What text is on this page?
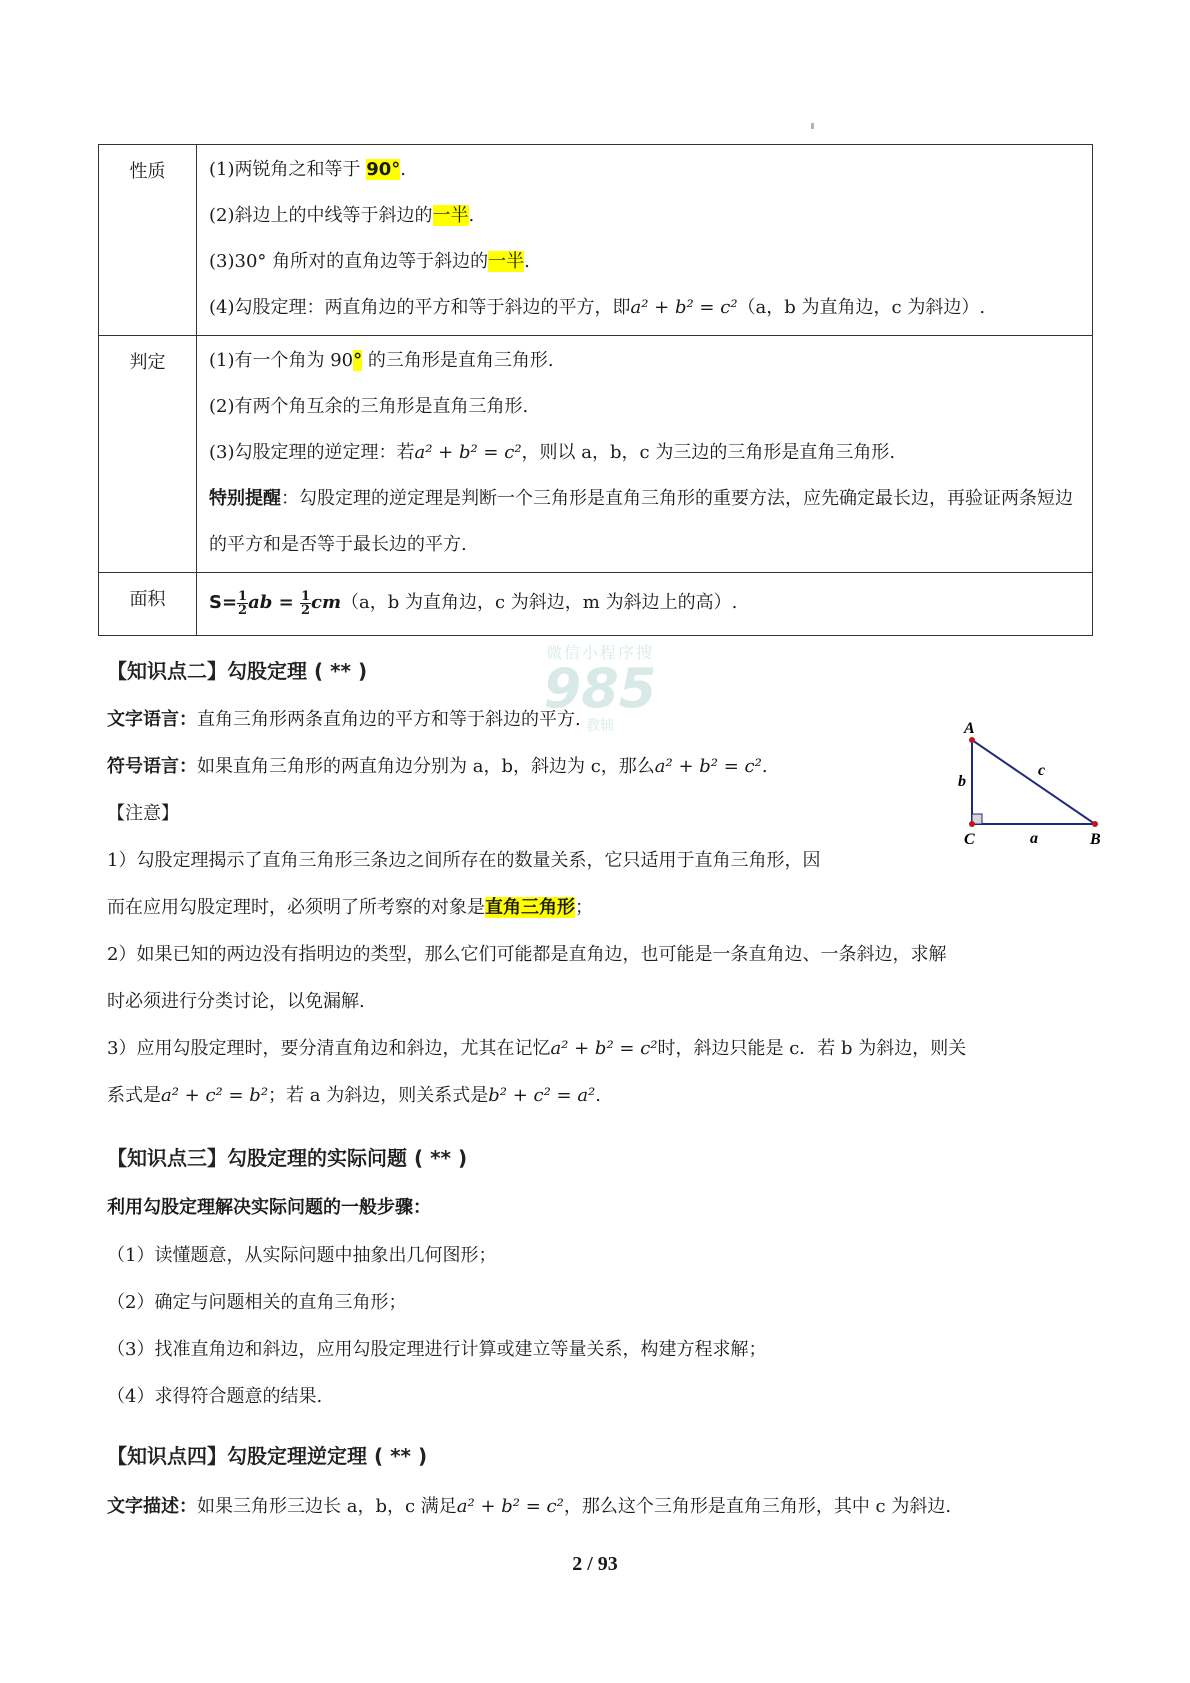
性质	(1)两锐角之和等于 90°.
(2)斜边上的中线等于斜边的一半.
(3)30° 角所对的直角边等于斜边的一半.
(4)勾股定理：两直角边的平方和等于斜边的平方，即a² + b² = c²（a，b 为直角边，c 为斜边）.

判定	(1)有一个角为 90° 的三角形是直角三角形.
(2)有两个角互余的三角形是直角三角形.
(3)勾股定理的逆定理：若a² + b² = c²，则以 a，b，c 为三边的三角形是直角三角形.
特别提醒：勾股定理的逆定理是判断一个三角形是直角三角形的重要方法，应先确定最长边，再验证两条短边的平方和是否等于最长边的平方.

面积	$S= \frac{1}{2}$ ab = $\frac{1}{2} cm(a$，b 为直角边，c 为斜边，m 为斜边上的高）.
微信小程序搜
985
教辅
【知识点二】勾股定理 ( ** )
文字语言：直角三角形两条直角边的平方和等于斜边的平方.
符号语言：如果直角三角形的两直角边分别为 a，b，斜边为 c，那么a² + b² = c².
【注意】
1）勾股定理揭示了直角三角形三条边之间所存在的数量关系，它只适用于直角三角形，因
而在应用勾股定理时，必须明了所考察的对象是直角三角形；
2）如果已知的两边没有指明边的类型，那么它们可能都是直角边，也可能是一条直角边、一条斜边，求解
时必须进行分类讨论，以免漏解.
3）应用勾股定理时，要分清直角边和斜边，尤其在记忆a² + b² = c²时，斜边只能是 c．若 b 为斜边，则关
系式是a² + c² = b²；若 a 为斜边，则关系式是b² + c² = a².
A
b
c
C	a	B
【知识点三】勾股定理的实际问题 ( ** )
利用勾股定理解决实际问题的一般步骤：
（1）读懂题意，从实际问题中抽象出几何图形；
（2）确定与问题相关的直角三角形；
（3）找准直角边和斜边，应用勾股定理进行计算或建立等量关系，构建方程求解；
（4）求得符合题意的结果.
【知识点四】勾股定理逆定理 ( ** )
文字描述：如果三角形三边长 a，b，c 满足a² + b² = c²，那么这个三角形是直角三角形，其中 c 为斜边.
2 / 93
